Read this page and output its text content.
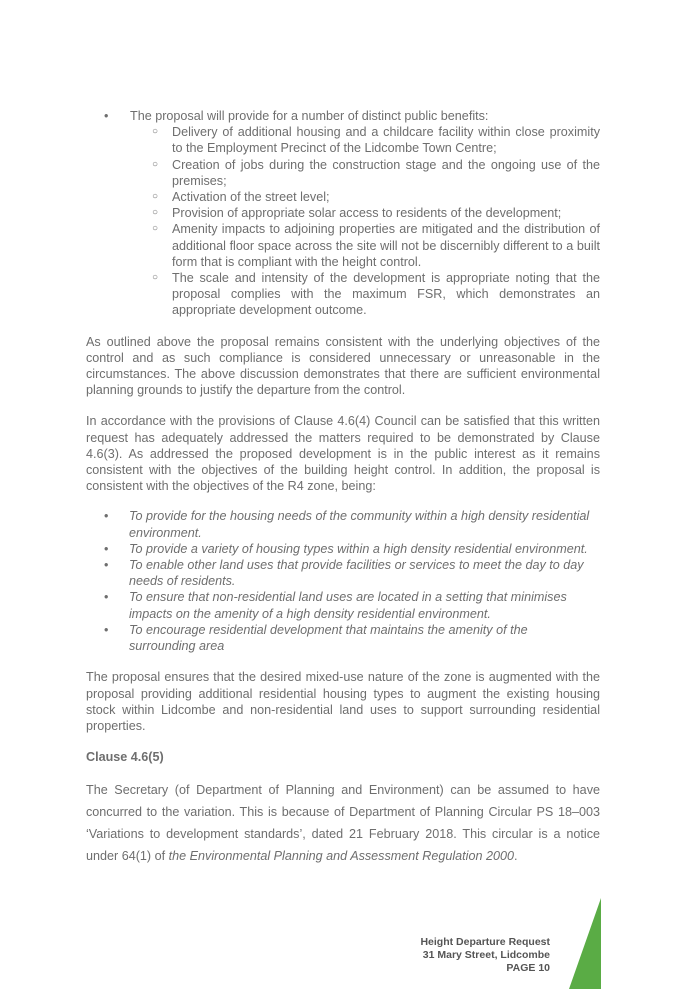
• The proposal will provide for a number of distinct public benefits:
○ Delivery of additional housing and a childcare facility within close proximity to the Employment Precinct of the Lidcombe Town Centre;
○ Creation of jobs during the construction stage and the ongoing use of the premises;
○ Activation of the street level;
○ Provision of appropriate solar access to residents of the development;
○ Amenity impacts to adjoining properties are mitigated and the distribution of additional floor space across the site will not be discernibly different to a built form that is compliant with the height control.
○ The scale and intensity of the development is appropriate noting that the proposal complies with the maximum FSR, which demonstrates an appropriate development outcome.

As outlined above the proposal remains consistent with the underlying objectives of the control and as such compliance is considered unnecessary or unreasonable in the circumstances. The above discussion demonstrates that there are sufficient environmental planning grounds to justify the departure from the control.

In accordance with the provisions of Clause 4.6(4) Council can be satisfied that this written request has adequately addressed the matters required to be demonstrated by Clause 4.6(3). As addressed the proposed development is in the public interest as it remains consistent with the objectives of the building height control. In addition, the proposal is consistent with the objectives of the R4 zone, being:

• To provide for the housing needs of the community within a high density residential environment.
• To provide a variety of housing types within a high density residential environment.
• To enable other land uses that provide facilities or services to meet the day to day needs of residents.
• To ensure that non-residential land uses are located in a setting that minimises impacts on the amenity of a high density residential environment.
• To encourage residential development that maintains the amenity of the surrounding area

The proposal ensures that the desired mixed-use nature of the zone is augmented with the proposal providing additional residential housing types to augment the existing housing stock within Lidcombe and non-residential land uses to support surrounding residential properties.

Clause 4.6(5)

The Secretary (of Department of Planning and Environment) can be assumed to have concurred to the variation. This is because of Department of Planning Circular PS 18–003 ‘Variations to development standards’, dated 21 February 2018. This circular is a notice under 64(1) of the Environmental Planning and Assessment Regulation 2000.

Height Departure Request
31 Mary Street, Lidcombe
PAGE 10
